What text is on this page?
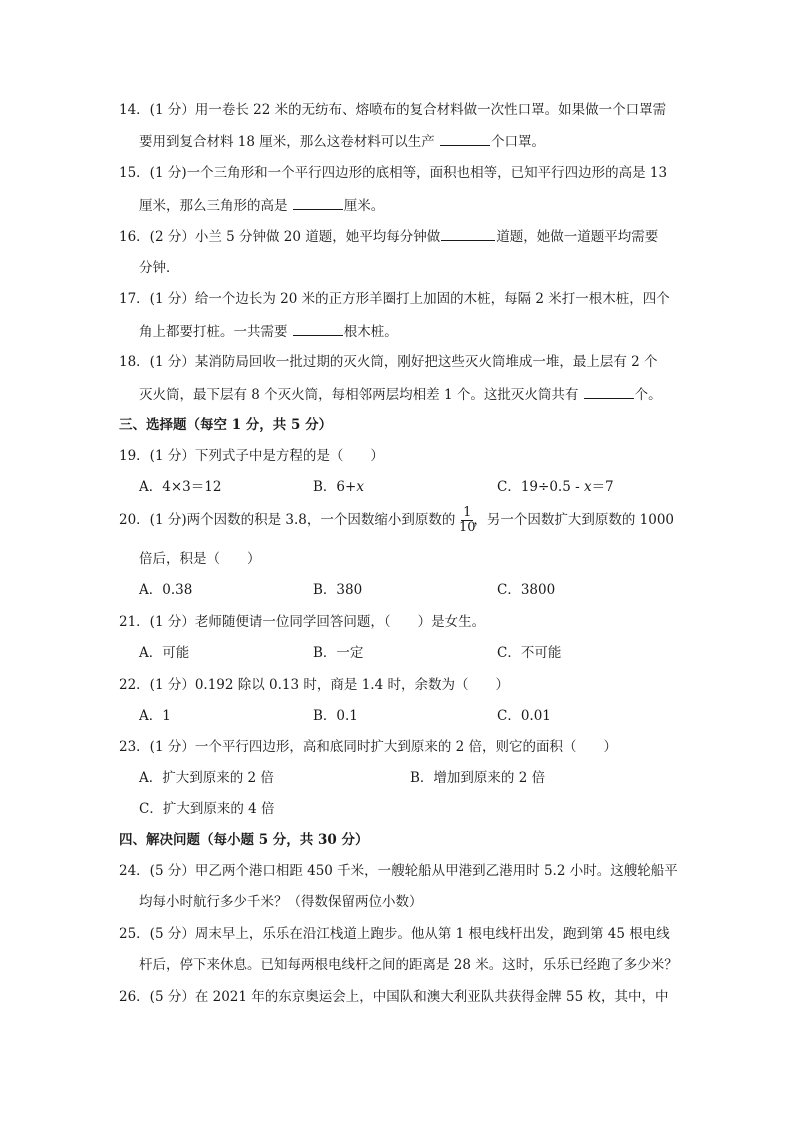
14．(1 分）用一卷长 22 米的无纺布、熔喷布的复合材料做一次性口罩。如果做一个口罩需
要用到复合材料 18 厘米，那么这卷材料可以生产	个口罩。
15．(1 分)一个三角形和一个平行四边形的底相等，面积也相等，已知平行四边形的高是 13
厘米，那么三角形的高是	厘米。
16．(2 分）小兰 5 分钟做 20 道题，她平均每分钟做	道题，她做一道题平均需要
分钟．
17．(1 分）给一个边长为 20 米的正方形羊圈打上加固的木桩，每隔 2 米打一根木桩，四个
角上都要打桩。一共需要	根木桩。
18．(1 分）某消防局回收一批过期的灭火筒，刚好把这些灭火筒堆成一堆，最上层有 2 个
灭火筒，最下层有 8 个灭火筒，每相邻两层均相差 1 个。这批灭火筒共有	个。
三、选择题（每空 1 分，共 5 分）
19．(1 分）下列式子中是方程的是（　　）
A．4×3＝12	B．6+x	C．19÷0.5 - x＝7
20．(1 分)两个因数的积是 3.8，一个因数缩小到原数的 ，另一个因数扩大到原数的 1000
1
10
倍后，积是（　　）
A．0.38	B．380	C．3800
21．(1 分）老师随便请一位同学回答问题，（　　）是女生。
A．可能	B．一定	C．不可能
22．(1 分）0.192 除以 0.13 时，商是 1.4 时，余数为（　　）
A．1	B．0.1	C．0.01
23．(1 分）一个平行四边形，高和底同时扩大到原来的 2 倍，则它的面积（　　）
A．扩大到原来的 2 倍	B．增加到原来的 2 倍
C．扩大到原来的 4 倍
四、解决问题（每小题 5 分，共 30 分）
24．(5 分）甲乙两个港口相距 450 千米，一艘轮船从甲港到乙港用时 5.2 小时。这艘轮船平
均每小时航行多少千米？（得数保留两位小数）
25．(5 分）周末早上，乐乐在沿江栈道上跑步。他从第 1 根电线杆出发，跑到第 45 根电线
杆后，停下来休息。已知每两根电线杆之间的距离是 28 米。这时，乐乐已经跑了多少米？
26．(5 分）在 2021 年的东京奥运会上，中国队和澳大利亚队共获得金牌 55 枚，其中，中
